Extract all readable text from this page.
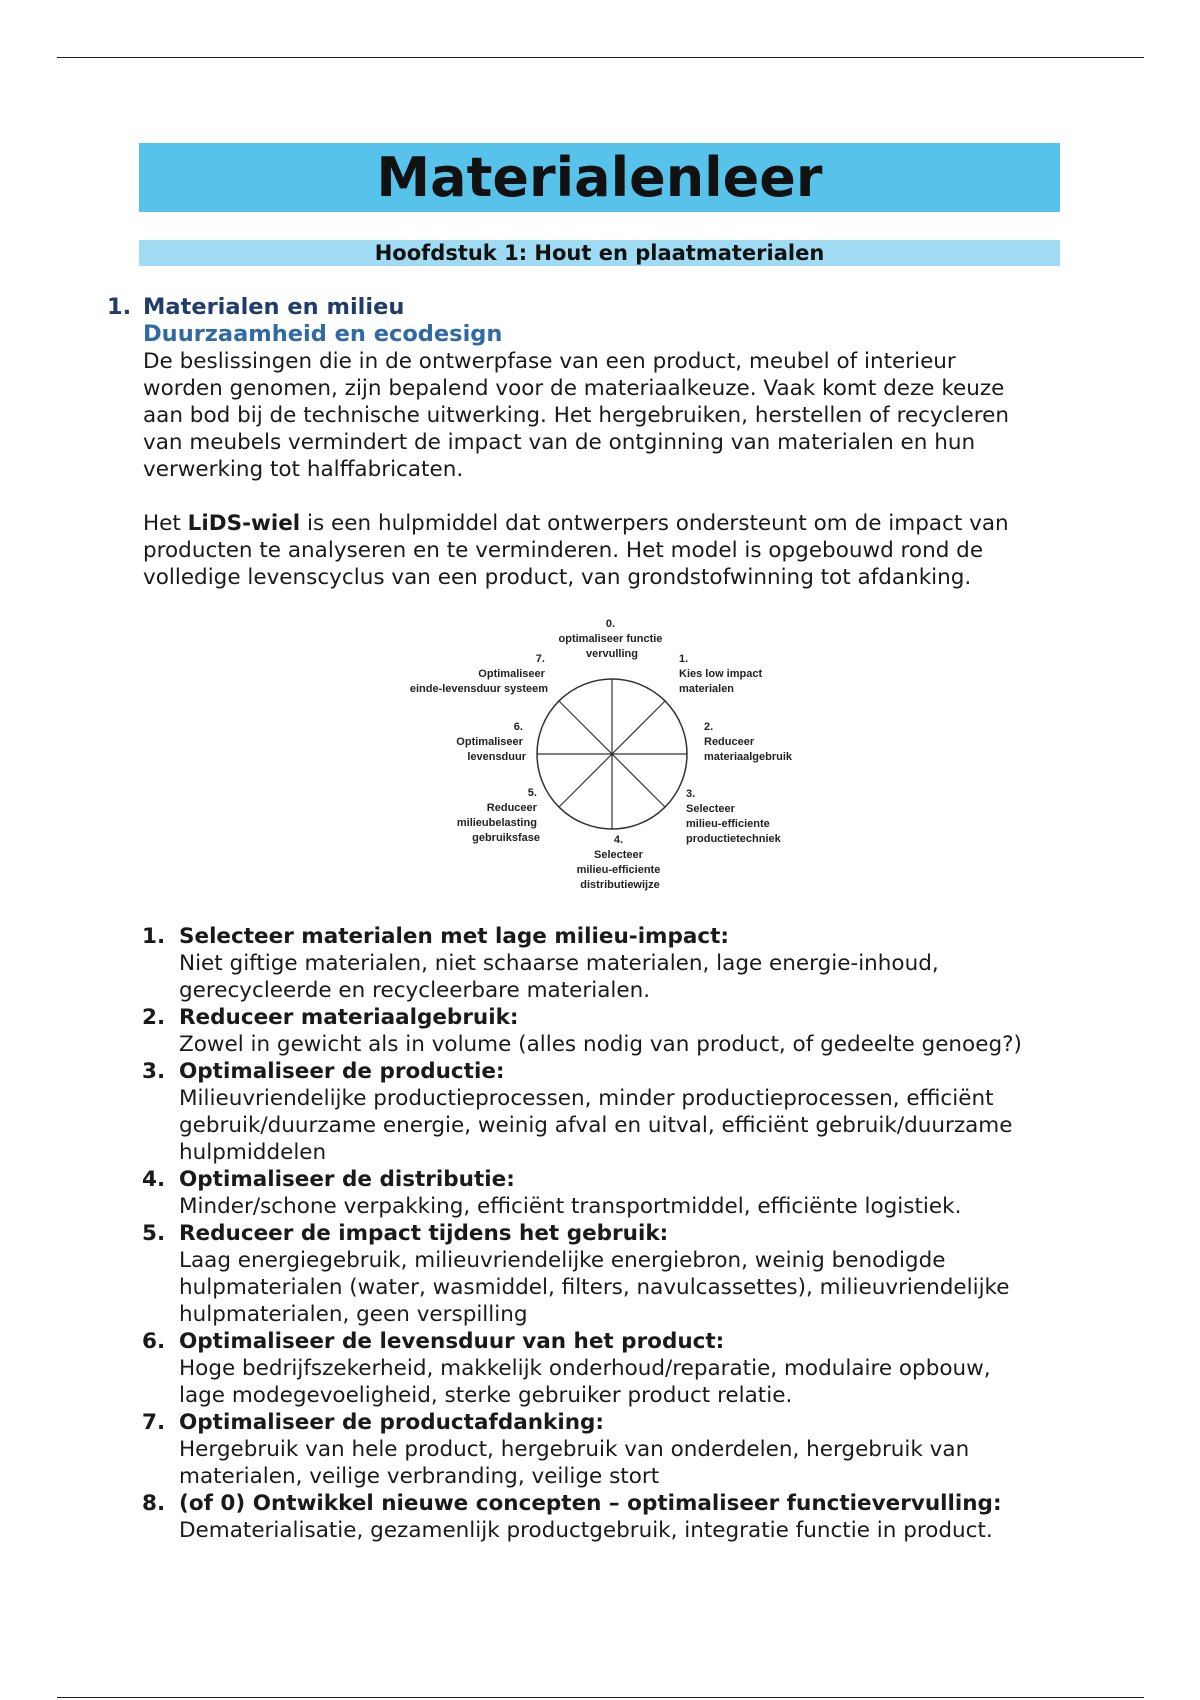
Materialenleer
Hoofdstuk 1: Hout en plaatmaterialen
1. Materialen en milieu
Duurzaamheid en ecodesign
De beslissingen die in de ontwerpfase van een product, meubel of interieur
worden genomen, zijn bepalend voor de materiaalkeuze. Vaak komt deze keuze
aan bod bij de technische uitwerking. Het hergebruiken, herstellen of recycleren
van meubels vermindert de impact van de ontginning van materialen en hun
verwerking tot halffabricaten.
Het LiDS-wiel is een hulpmiddel dat ontwerpers ondersteunt om de impact van
producten te analyseren en te verminderen. Het model is opgebouwd rond de
volledige levenscyclus van een product, van grondstofwinning tot afdanking.
0. optimaliseer functie vervulling	1. Kies low impact materialen
2. Reduceer materiaalgebruik
3. Selecteer milieu-efficiente productietechniek
4. Selecteer milieu-efficiente distributiewijze
5. Reduceer milieubelasting gebruiksfase
6. Optimaliseer levensduur
7. Optimaliseer einde-levensduur systeem
1. Selecteer materialen met lage milieu-impact:
Niet giftige materialen, niet schaarse materialen, lage energie-inhoud,
gerecycleerde en recycleerbare materialen.
2. Reduceer materiaalgebruik:
Zowel in gewicht als in volume (alles nodig van product, of gedeelte genoeg?)
3. Optimaliseer de productie:
Milieuvriendelijke productieprocessen, minder productieprocessen, efficiënt
gebruik/duurzame energie, weinig afval en uitval, efficiënt gebruik/duurzame
hulpmiddelen
4. Optimaliseer de distributie:
Minder/schone verpakking, efficiënt transportmiddel, efficiënte logistiek.
5. Reduceer de impact tijdens het gebruik:
Laag energiegebruik, milieuvriendelijke energiebron, weinig benodigde
hulpmaterialen (water, wasmiddel, filters, navulcassettes), milieuvriendelijke
hulpmaterialen, geen verspilling
6. Optimaliseer de levensduur van het product:
Hoge bedrijfszekerheid, makkelijk onderhoud/reparatie, modulaire opbouw,
lage modegevoeligheid, sterke gebruiker product relatie.
7. Optimaliseer de productafdanking:
Hergebruik van hele product, hergebruik van onderdelen, hergebruik van
materialen, veilige verbranding, veilige stort
8. (of 0) Ontwikkel nieuwe concepten – optimaliseer functievervulling:
Dematerialisatie, gezamenlijk productgebruik, integratie functie in product.
